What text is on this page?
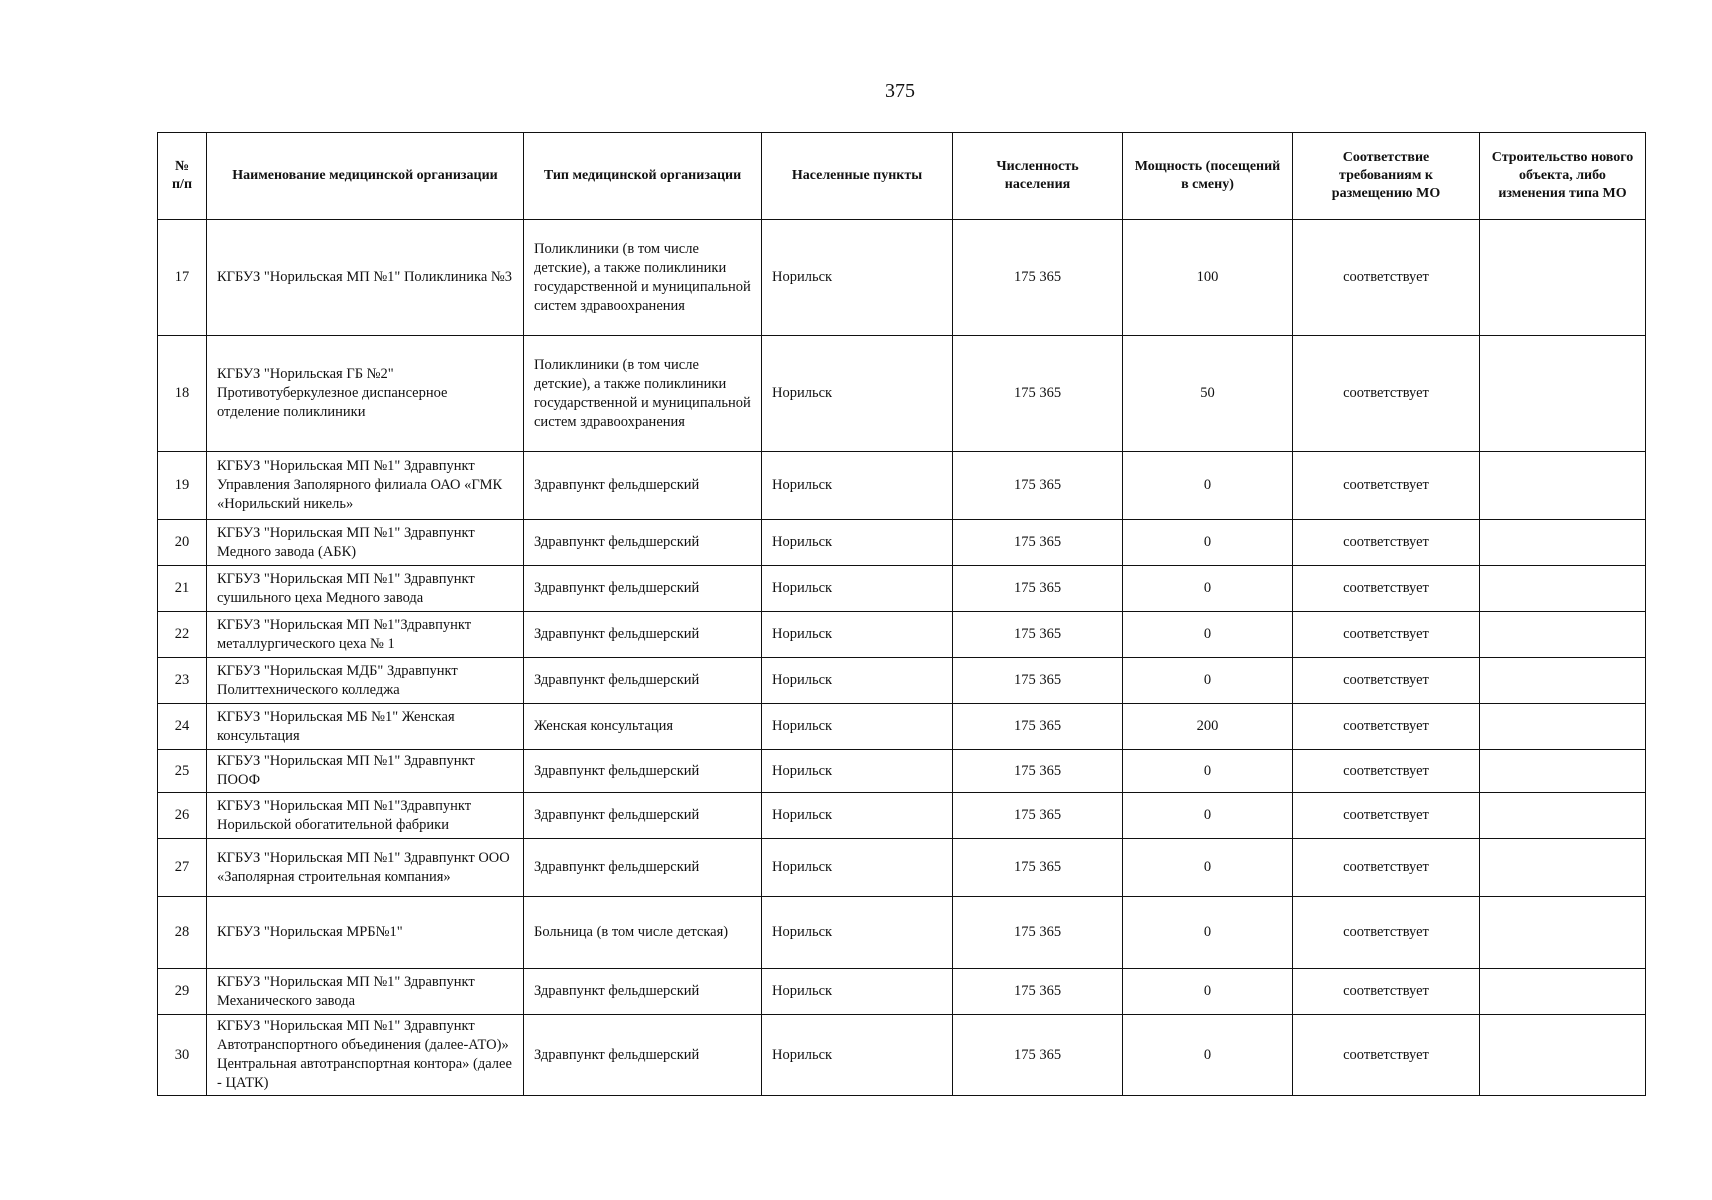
375
№ п/п	Наименование медицинской организации	Тип медицинской организации	Населенные пункты	Численность населения	Мощность (посещений в смену)	Соответствие требованиям к размещению МО	Строительство нового объекта, либо изменения типа МО
17	КГБУЗ "Норильская МП №1" Поликлиника №3	Поликлиники (в том числе детские), а также поликлиники государственной и муниципальной систем здравоохранения	Норильск	175 365	100	соответствует	
18	КГБУЗ "Норильская ГБ №2" Противотуберкулезное диспансерное отделение поликлиники	Поликлиники (в том числе детские), а также поликлиники государственной и муниципальной систем здравоохранения	Норильск	175 365	50	соответствует	
19	КГБУЗ "Норильская МП №1" Здравпункт Управления Заполярного филиала ОАО «ГМК «Норильский никель»	Здравпункт фельдшерский	Норильск	175 365	0	соответствует	
20	КГБУЗ "Норильская МП №1" Здравпункт Медного завода (АБК)	Здравпункт фельдшерский	Норильск	175 365	0	соответствует	
21	КГБУЗ "Норильская МП №1" Здравпункт сушильного цеха Медного завода	Здравпункт фельдшерский	Норильск	175 365	0	соответствует	
22	КГБУЗ "Норильская МП №1"Здравпункт металлургического цеха № 1	Здравпункт фельдшерский	Норильск	175 365	0	соответствует	
23	КГБУЗ "Норильская МДБ" Здравпункт Политтехнического колледжа	Здравпункт фельдшерский	Норильск	175 365	0	соответствует	
24	КГБУЗ "Норильская МБ №1" Женская консультация	Женская консультация	Норильск	175 365	200	соответствует	
25	КГБУЗ "Норильская МП №1" Здравпункт ПООФ	Здравпункт фельдшерский	Норильск	175 365	0	соответствует	
26	КГБУЗ "Норильская МП №1"Здравпункт Норильской обогатительной фабрики	Здравпункт фельдшерский	Норильск	175 365	0	соответствует	
27	КГБУЗ "Норильская МП №1" Здравпункт ООО «Заполярная строительная компания»	Здравпункт фельдшерский	Норильск	175 365	0	соответствует	
28	КГБУЗ "Норильская МРБ№1"	Больница (в том числе детская)	Норильск	175 365	0	соответствует	
29	КГБУЗ "Норильская МП №1" Здравпункт Механического завода	Здравпункт фельдшерский	Норильск	175 365	0	соответствует	
30	КГБУЗ "Норильская МП №1" Здравпункт Автотранспортного объединения (далее-АТО)» Центральная автотранспортная контора» (далее - ЦАТК)	Здравпункт фельдшерский	Норильск	175 365	0	соответствует	
